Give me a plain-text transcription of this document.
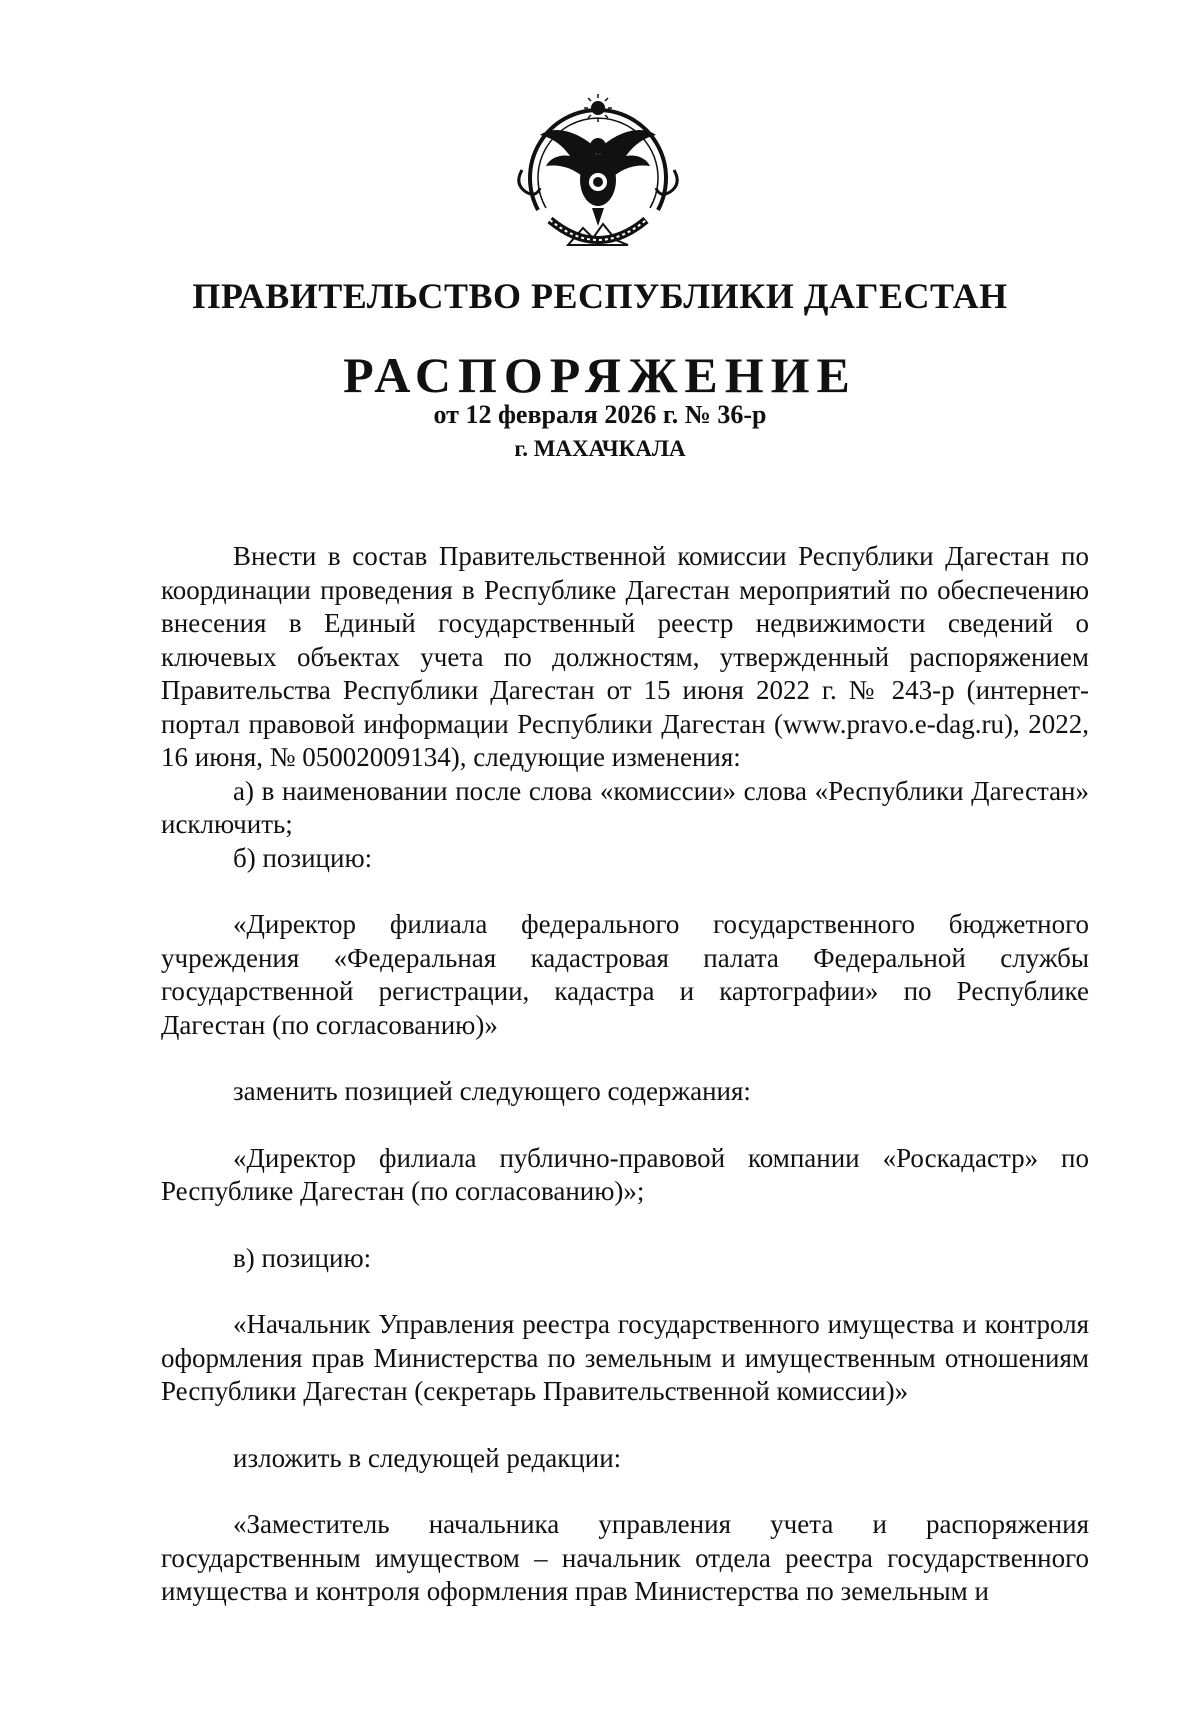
ПРАВИТЕЛЬСТВО РЕСПУБЛИКИ ДАГЕСТАН
РАСПОРЯЖЕНИЕ
от 12 февраля 2026 г. № 36-р
г. МАХАЧКАЛА

Внести в состав Правительственной комиссии Республики Дагестан по координации проведения в Республике Дагестан мероприятий по обеспечению внесения в Единый государственный реестр недвижимости сведений о ключевых объектах учета по должностям, утвержденный распоряжением Правительства Республики Дагестан от 15 июня 2022 г. № 243-р (интернет-портал правовой информации Республики Дагестан (www.pravo.e-dag.ru), 2022, 16 июня, № 05002009134), следующие изменения:

а) в наименовании после слова «комиссии» слова «Республики Дагестан» исключить;

б) позицию:

«Директор филиала федерального государственного бюджетного учреждения «Федеральная кадастровая палата Федеральной службы государственной регистрации, кадастра и картографии» по Республике Дагестан (по согласованию)»

заменить позицией следующего содержания:

«Директор филиала публично-правовой компании «Роскадастр» по Республике Дагестан (по согласованию)»;

в) позицию:

«Начальник Управления реестра государственного имущества и контроля оформления прав Министерства по земельным и имущественным отношениям Республики Дагестан (секретарь Правительственной комиссии)»

изложить в следующей редакции:

«Заместитель начальника управления учета и распоряжения государственным имуществом – начальник отдела реестра государственного имущества и контроля оформления прав Министерства по земельным и
